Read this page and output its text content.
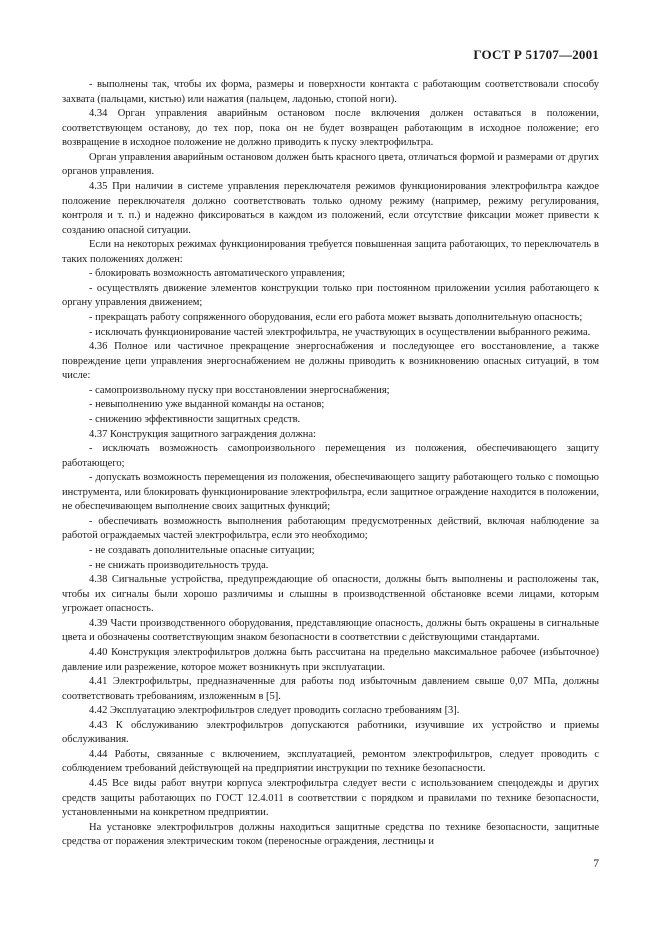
ГОСТ Р 51707—2001

- выполнены так, чтобы их форма, размеры и поверхности контакта с работающим соответствовали способу захвата (пальцами, кистью) или нажатия (пальцем, ладонью, стопой ноги).

4.34 Орган управления аварийным остановом после включения должен оставаться в положении, соответствующем останову, до тех пор, пока он не будет возвращен работающим в исходное положение; его возвращение в исходное положение не должно приводить к пуску электрофильтра.

Орган управления аварийным остановом должен быть красного цвета, отличаться формой и размерами от других органов управления.

4.35 При наличии в системе управления переключателя режимов функционирования электрофильтра каждое положение переключателя должно соответствовать только одному режиму (например, режиму регулирования, контроля и т. п.) и надежно фиксироваться в каждом из положений, если отсутствие фиксации может привести к созданию опасной ситуации.

Если на некоторых режимах функционирования требуется повышенная защита работающих, то переключатель в таких положениях должен:

- блокировать возможность автоматического управления;

- осуществлять движение элементов конструкции только при постоянном приложении усилия работающего к органу управления движением;

- прекращать работу сопряженного оборудования, если его работа может вызвать дополнительную опасность;

- исключать функционирование частей электрофильтра, не участвующих в осуществлении выбранного режима.

4.36 Полное или частичное прекращение энергоснабжения и последующее его восстановление, а также повреждение цепи управления энергоснабжением не должны приводить к возникновению опасных ситуаций, в том числе:

- самопроизвольному пуску при восстановлении энергоснабжения;

- невыполнению уже выданной команды на останов;

- снижению эффективности защитных средств.

4.37 Конструкция защитного заграждения должна:

- исключать возможность самопроизвольного перемещения из положения, обеспечивающего защиту работающего;

- допускать возможность перемещения из положения, обеспечивающего защиту работающего только с помощью инструмента, или блокировать функционирование электрофильтра, если защитное ограждение находится в положении, не обеспечивающем выполнение своих защитных функций;

- обеспечивать возможность выполнения работающим предусмотренных действий, включая наблюдение за работой ограждаемых частей электрофильтра, если это необходимо;

- не создавать дополнительные опасные ситуации;

- не снижать производительность труда.

4.38 Сигнальные устройства, предупреждающие об опасности, должны быть выполнены и расположены так, чтобы их сигналы были хорошо различимы и слышны в производственной обстановке всеми лицами, которым угрожает опасность.

4.39 Части производственного оборудования, представляющие опасность, должны быть окрашены в сигнальные цвета и обозначены соответствующим знаком безопасности в соответствии с действующими стандартами.

4.40 Конструкция электрофильтров должна быть рассчитана на предельно максимальное рабочее (избыточное) давление или разрежение, которое может возникнуть при эксплуатации.

4.41 Электрофильтры, предназначенные для работы под избыточным давлением свыше 0,07 МПа, должны соответствовать требованиям, изложенным в [5].

4.42 Эксплуатацию электрофильтров следует проводить согласно требованиям [3].

4.43 К обслуживанию электрофильтров допускаются работники, изучившие их устройство и приемы обслуживания.

4.44 Работы, связанные с включением, эксплуатацией, ремонтом электрофильтров, следует проводить с соблюдением требований действующей на предприятии инструкции по технике безопасности.

4.45 Все виды работ внутри корпуса электрофильтра следует вести с использованием спецодежды и других средств защиты работающих по ГОСТ 12.4.011 в соответствии с порядком и правилами по технике безопасности, установленными на конкретном предприятии.

На установке электрофильтров должны находиться защитные средства по технике безопасности, защитные средства от поражения электрическим током (переносные ограждения, лестницы и

7
